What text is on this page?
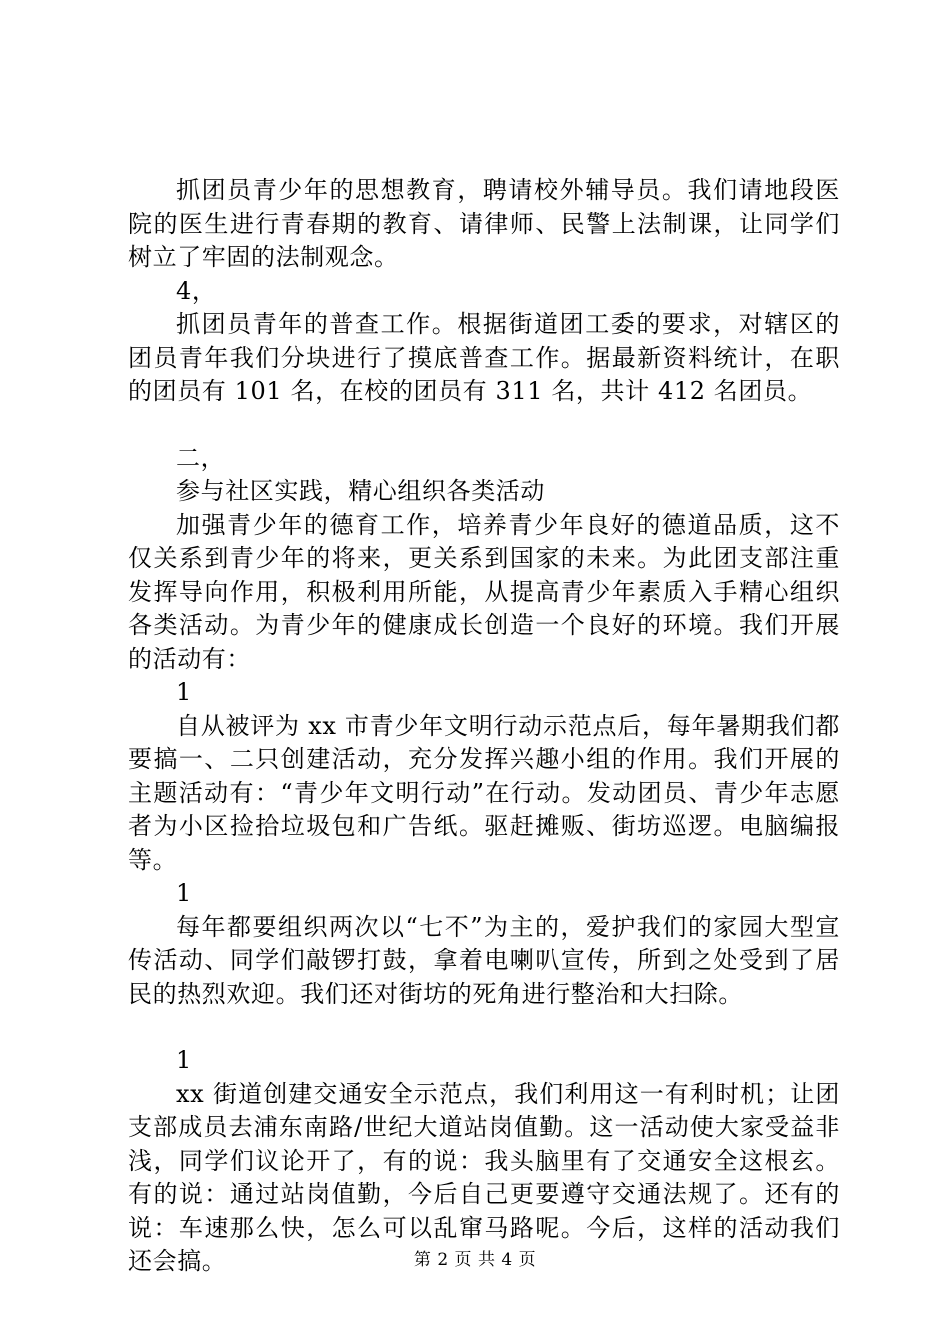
抓团员青少年的思想教育，聘请校外辅导员。我们请地段医院的医生进行青春期的教育、请律师、民警上法制课，让同学们树立了牢固的法制观念。

4，

抓团员青年的普查工作。根据街道团工委的要求，对辖区的团员青年我们分块进行了摸底普查工作。据最新资料统计，在职的团员有 101 名，在校的团员有 311 名，共计 412 名团员。

二，

参与社区实践，精心组织各类活动

加强青少年的德育工作，培养青少年良好的德道品质，这不仅关系到青少年的将来，更关系到国家的未来。为此团支部注重发挥导向作用，积极利用所能，从提高青少年素质入手精心组织各类活动。为青少年的健康成长创造一个良好的环境。我们开展的活动有：

1

自从被评为 xx 市青少年文明行动示范点后，每年暑期我们都要搞一、二只创建活动，充分发挥兴趣小组的作用。我们开展的主题活动有：“青少年文明行动”在行动。发动团员、青少年志愿者为小区捡拾垃圾包和广告纸。驱赶摊贩、街坊巡逻。电脑编报等。

1

每年都要组织两次以“七不”为主的，爱护我们的家园大型宣传活动、同学们敲锣打鼓，拿着电喇叭宣传，所到之处受到了居民的热烈欢迎。我们还对街坊的死角进行整治和大扫除。

1

xx 街道创建交通安全示范点，我们利用这一有利时机；让团支部成员去浦东南路/世纪大道站岗值勤。这一活动使大家受益非浅，同学们议论开了，有的说：我头脑里有了交通安全这根玄。有的说：通过站岗值勤，今后自己更要遵守交通法规了。还有的说：车速那么快，怎么可以乱窜马路呢。今后，这样的活动我们还会搞。	第 2 页 共 4 页
